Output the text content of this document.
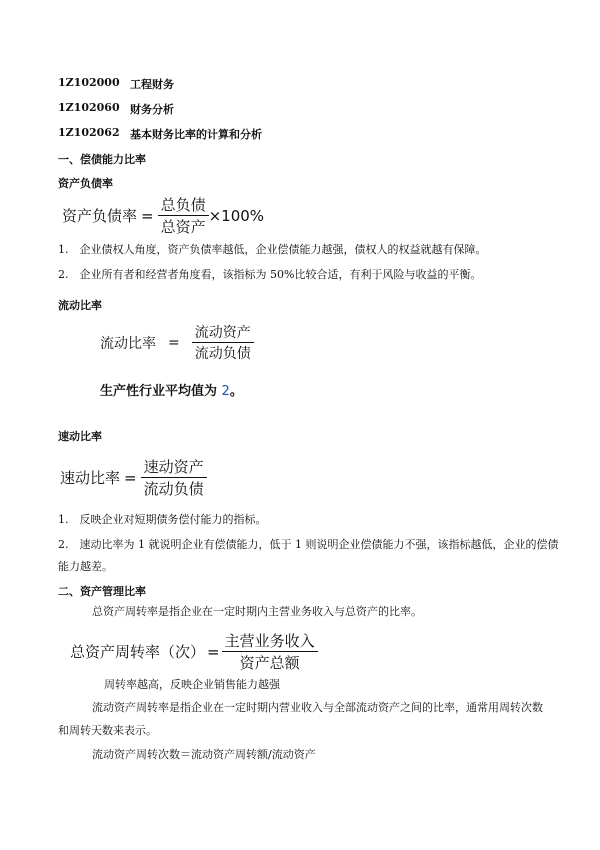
1Z102000 工程财务
1Z102060 财务分析
1Z102062 基本财务比率的计算和分析
一、偿债能力比率
资产负债率
资产负债率 = $\frac{\text{总负债}}{\text{总资产}} \times 100\%$
1.　企业债权人角度，资产负债率越低，企业偿债能力越强，债权人的权益就越有保障。
2.　企业所有者和经营者角度看，该指标为 50%比较合适，有利于风险与收益的平衡。
流动比率
流动比率 = $\frac{\text{流动资产}}{\text{流动负债}}$
生产性行业平均值为 2。
速动比率
速动比率 = $\frac{\text{速动资产}}{\text{流动负债}}$
1.　反映企业对短期债务偿付能力的指标。
2.　速动比率为 1 就说明企业有偿债能力，低于 1 则说明企业偿债能力不强，该指标越低，企业的偿债
能力越差。
二、资产管理比率
总资产周转率是指企业在一定时期内主营业务收入与总资产的比率。
总资产周转率（次） = $\frac{\text{主营业务收入}}{\text{资产总额}}$
周转率越高，反映企业销售能力越强
流动资产周转率是指企业在一定时期内营业收入与全部流动资产之间的比率，通常用周转次数
和周转天数来表示。
流动资产周转次数＝流动资产周转额/流动资产
